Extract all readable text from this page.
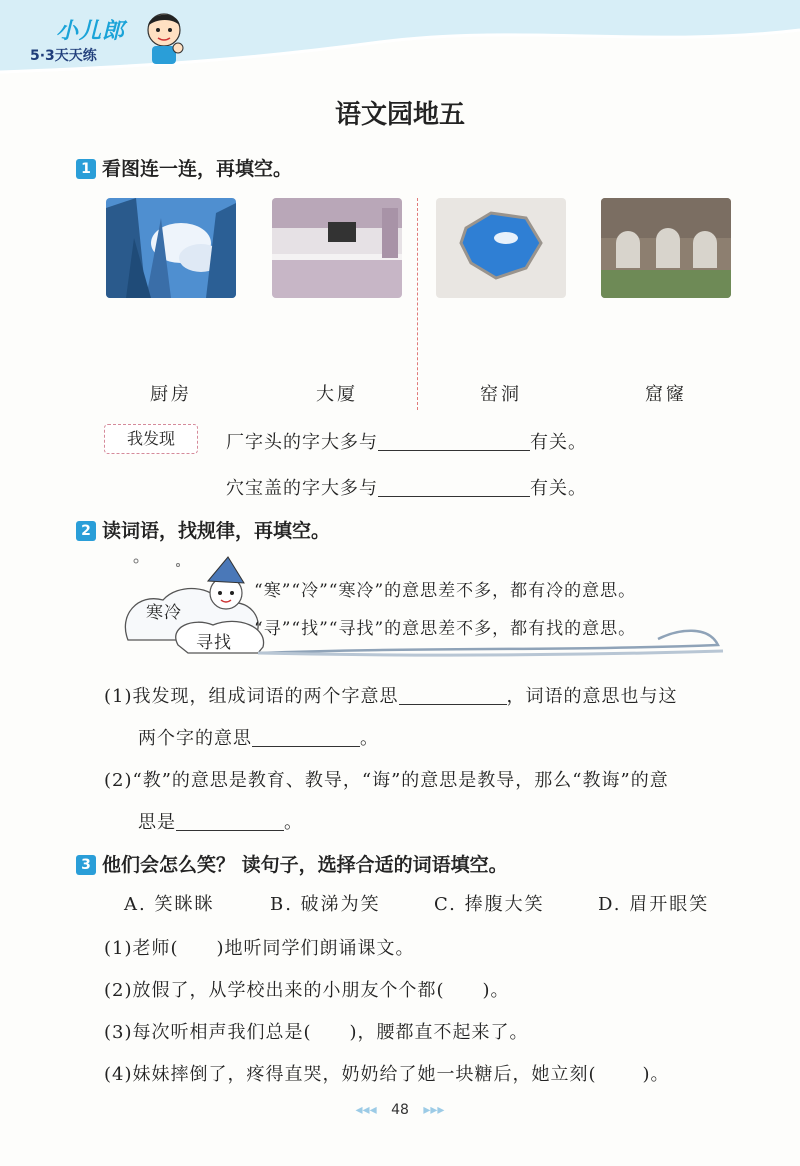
小儿郎
5·3天天练
语文园地五
1 看图连一连，再填空。
厨房	大厦	窑洞	窟窿
我发现	厂字头的字大多与	有关。
穴宝盖的字大多与	有关。
2 读词语，找规律，再填空。
寒冷
寻找
“寒”“冷”“寒冷”的意思差不多，都有冷的意思。
“寻”“找”“寻找”的意思差不多，都有找的意思。
(1)我发现，组成词语的两个字意思	，词语的意思也与这
两个字的意思	。
(2)“教”的意思是教育、教导，“诲”的意思是教导，那么“教诲”的意
思是	。
3 他们会怎么笑？ 读句子，选择合适的词语填空。
A. 笑眯眯	B. 破涕为笑	C. 捧腹大笑	D. 眉开眼笑
(1)老师( )地听同学们朗诵课文。
(2)放假了，从学校出来的小朋友个个都( )。
(3)每次听相声我们总是( )，腰都直不起来了。
(4)妹妹摔倒了，疼得直哭，奶奶给了她一块糖后，她立刻(	)。
◂◂◂ 48 ▸▸▸
